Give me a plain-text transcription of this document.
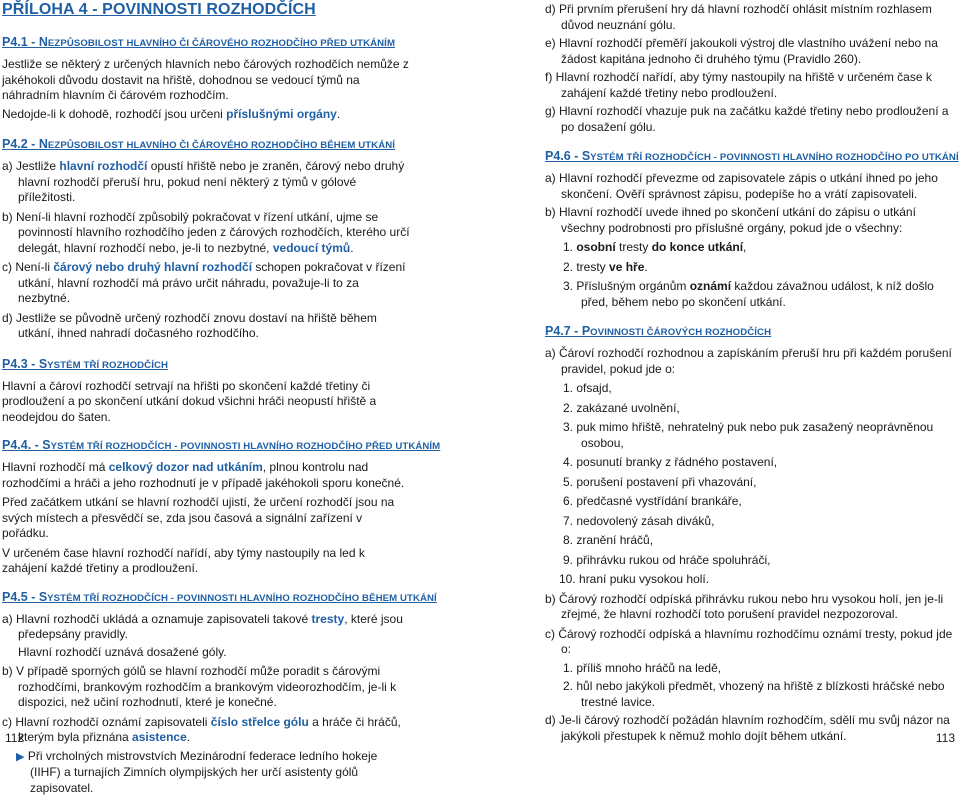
PŘÍLOHA 4 - POVINNOSTI ROZHODČÍCH
P4.1 - NEZPŮSOBILOST HLAVNÍHO ČI ČÁROVÉHO ROZHODČÍHO PŘED UTKÁNÍM

Jestliže se některý z určených hlavních nebo čárových rozhodčích nemůže z jakéhokoli důvodu dostavit na hřiště, dohodnou se vedoucí týmů na náhradním hlavním či čárovém rozhodčím.

Nedojde-li k dohodě, rozhodčí jsou určeni příslušnými orgány.

P4.2 - NEZPŮSOBILOST HLAVNÍHO ČI ČÁROVÉHO ROZHODČÍHO BĚHEM UTKÁNÍ

a) Jestliže hlavní rozhodčí opustí hřiště nebo je zraněn, čárový nebo druhý hlavní rozhodčí přeruší hru, pokud není některý z týmů v gólové příležitosti.

b) Není-li hlavní rozhodčí způsobilý pokračovat v řízení utkání, ujme se povinností hlavního rozhodčího jeden z čárových rozhodčích, kterého určí delegát, hlavní rozhodčí nebo, je-li to nezbytné, vedoucí týmů.

c) Není-li čárový nebo druhý hlavní rozhodčí schopen pokračovat v řízení utkání, hlavní rozhodčí má právo určit náhradu, považuje-li to za nezbytné.

d) Jestliže se původně určený rozhodčí znovu dostaví na hřiště během utkání, ihned nahradí dočasného rozhodčího.

P4.3 - SYSTÉM TŘÍ ROZHODČÍCH

Hlavní a čároví rozhodčí setrvají na hřišti po skončení každé třetiny či prodloužení a po skončení utkání dokud všichni hráči neopustí hřiště a neodejdou do šaten.

P4.4. - SYSTÉM TŘÍ ROZHODČÍCH - POVINNOSTI HLAVNÍHO ROZHODČÍHO PŘED UTKÁNÍM

Hlavní rozhodčí má celkový dozor nad utkáním, plnou kontrolu nad rozhodčími a hráči a jeho rozhodnutí je v případě jakéhokoli sporu konečné.

Před začátkem utkání se hlavní rozhodčí ujistí, že určení rozhodčí jsou na svých místech a přesvědčí se, zda jsou časová a signální zařízení v pořádku.

V určeném čase hlavní rozhodčí nařídí, aby týmy nastoupily na led k zahájení každé třetiny a prodloužení.

P4.5 - SYSTÉM TŘÍ ROZHODČÍCH - POVINNOSTI HLAVNÍHO ROZHODČÍHO BĚHEM UTKÁNÍ

a) Hlavní rozhodčí ukládá a oznamuje zapisovateli takové tresty, které jsou předepsány pravidly.

Hlavní rozhodčí uznává dosažené góly.

b) V případě sporných gólů se hlavní rozhodčí může poradit s čárovými rozhodčími, brankovým rozhodčím a brankovým videorozhodčím, je-li k dispozici, než učiní rozhodnutí, které je konečné.

c) Hlavní rozhodčí oznámí zapisovateli číslo střelce gólu a hráče či hráčů, kterým byla přiznána asistence.

▶ Při vrcholných mistrovstvích Mezinárodní federace ledního hokeje (IIHF) a turnajích Zimních olympijských her určí asistenty gólů zapisovatel.

112

d) Při prvním přerušení hry dá hlavní rozhodčí ohlásit místním rozhlasem důvod neuznání gólu.

e) Hlavní rozhodčí přeměří jakoukoli výstroj dle vlastního uvážení nebo na žádost kapitána jednoho či druhého týmu (Pravidlo 260).

f) Hlavní rozhodčí nařídí, aby týmy nastoupily na hřiště v určeném čase k zahájení každé třetiny nebo prodloužení.

g) Hlavní rozhodčí vhazuje puk na začátku každé třetiny nebo prodloužení a po dosažení gólu.

P4.6 - SYSTÉM TŘÍ ROZHODČÍCH - POVINNOSTI HLAVNÍHO ROZHODČÍHO PO UTKÁNÍ

a) Hlavní rozhodčí převezme od zapisovatele zápis o utkání ihned po jeho skončení. Ověří správnost zápisu, podepíše ho a vrátí zapisovateli.

b) Hlavní rozhodčí uvede ihned po skončení utkání do zápisu o utkání všechny podrobnosti pro příslušné orgány, pokud jde o všechny:

1. osobní tresty do konce utkání,

2. tresty ve hře.

3. Příslušným orgánům oznámí každou závažnou událost, k níž došlo před, během nebo po skončení utkání.

P4.7 - POVINNOSTI ČÁROVÝCH ROZHODČÍCH

a) Čároví rozhodčí rozhodnou a zapískáním přeruší hru při každém porušení pravidel, pokud jde o:

1. ofsajd,

2. zakázané uvolnění,

3. puk mimo hřiště, nehratelný puk nebo puk zasažený neoprávněnou osobou,

4. posunutí branky z řádného postavení,

5. porušení postavení při vhazování,

6. předčasné vystřídání brankáře,

7. nedovolený zásah diváků,

8. zranění hráčů,

9. přihrávku rukou od hráče spoluhráči,

10. hraní puku vysokou holí.

b) Čárový rozhodčí odpíská přihrávku rukou nebo hru vysokou holí, jen je-li zřejmé, že hlavní rozhodčí toto porušení pravidel nezpozoroval.

c) Čárový rozhodčí odpíská a hlavnímu rozhodčímu oznámí tresty, pokud jde o:

1. příliš mnoho hráčů na ledě,

2. hůl nebo jakýkoli předmět, vhozený na hřiště z blízkosti hráčské nebo trestné lavice.

d) Je-li čárový rozhodčí požádán hlavním rozhodčím, sdělí mu svůj názor na jakýkoli přestupek k němuž mohlo dojít během utkání.	113
